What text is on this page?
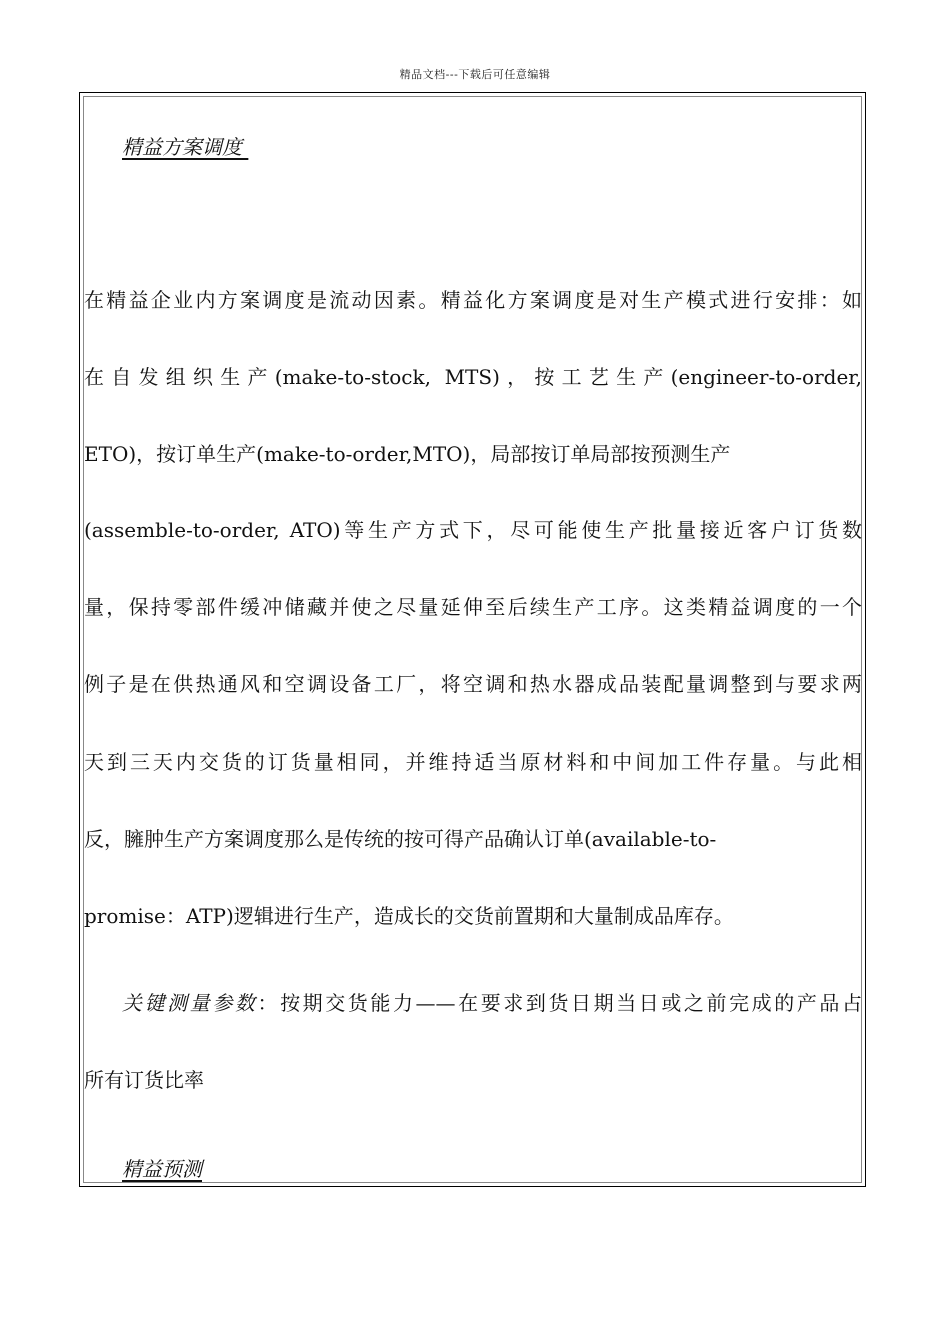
精品文档---下载后可任意编辑
精益方案调度
在精益企业内方案调度是流动因素。精益化方案调度是对生产模式进行安排：如
在自发组织生产(make-to-stock, MTS)，按工艺生产(engineer-to-order,
ETO)，按订单生产(make-to-order,MTO)，局部按订单局部按预测生产
(assemble-to-order, ATO)等生产方式下，尽可能使生产批量接近客户订货数
量，保持零部件缓冲储藏并使之尽量延伸至后续生产工序。这类精益调度的一个
例子是在供热通风和空调设备工厂，将空调和热水器成品装配量调整到与要求两
天到三天内交货的订货量相同，并维持适当原材料和中间加工件存量。与此相
反，臃肿生产方案调度那么是传统的按可得产品确认订单(available-to-
promise：ATP)逻辑进行生产，造成长的交货前置期和大量制成品库存。
关键测量参数：按期交货能力——在要求到货日期当日或之前完成的产品占
所有订货比率
精益预测
